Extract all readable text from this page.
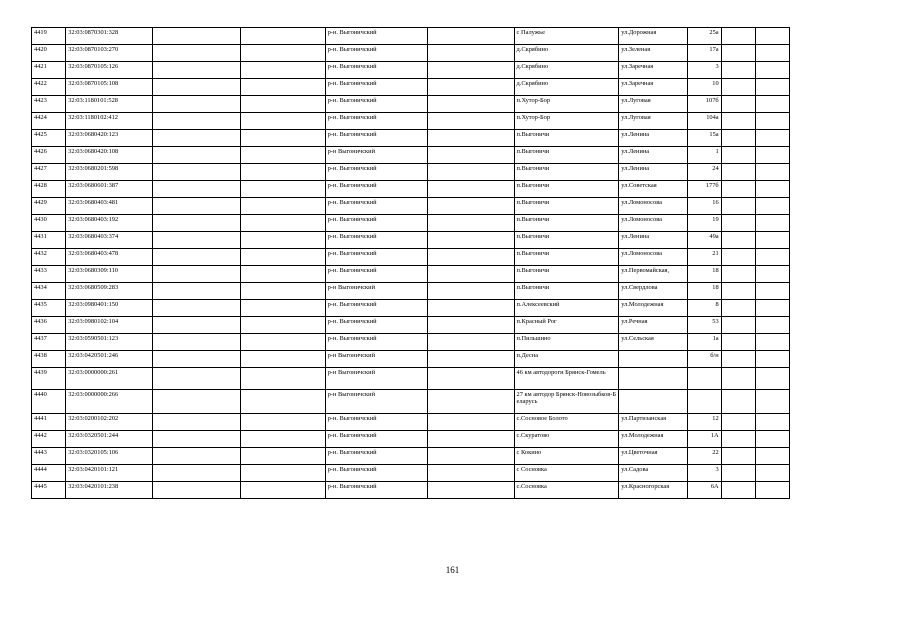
4419	32:03:0870301:328			р-н. Выгоничский		с Палужье	ул.Дорожная	25а		
4420	32:03:0870103:270			р-н. Выгоничский		д.Скрябино	ул.Зеленая	17а		
4421	32:03:0870105:126			р-н. Выгоничский		д.Скрябино	ул.Заречная	3		
4422	32:03:0870105:108			р-н. Выгоничский		д.Скрябино	ул.Заречная	10		
4423	32:03:1180101:528			р-н. Выгоничский		п.Хутор-Бор	ул.Луговая	107б		
4424	32:03:1180102:412			р-н. Выгоничский		п.Хутор-Бор	ул.Луговая	104а		
4425	32:03:0680420:123			р-н. Выгоничский		п.Выгоничи	ул.Ленина	15а		
4426	32:03:0680420:108			р-н Выгоничский		п.Выгоничи	ул.Ленина	1		
4427	32:03:0680201:598			р-н. Выгоничский		п.Выгоничи	ул.Ленина	24		
4428	32:03:0680601:387			р-н. Выгоничский		п.Выгоничи	ул.Советская	177б		
4429	32:03:0680403:481			р-н. Выгоничский		п.Выгоничи	ул.Ломоносова	16		
4430	32:03:0680403:192			р-н. Выгоничский		п.Выгоничи	ул.Ломоносова	19		
4431	32:03:0680403:374			р-н. Выгоничский		п.Выгоничи	ул.Ленина	49а		
4432	32:03:0680403:478			р-н. Выгоничский		п.Выгоничи	ул.Ломоносова	21		
4433	32:03:0680309:110			р-н. Выгоничский		п.Выгоничи	ул.Первомайская,	18		
4434	32:03:0680509:283			р-н Выгоничский		п.Выгоничи	ул.Свердлова	18		
4435	32:03:0980401:150			р-н. Выгоничский		п.Алексеевский	ул.Молодежная	8		
4436	32:03:0980102:104			р-н. Выгоничский		п.Красный Рог	ул.Речная	53		
4437	32:03:0590501:123			р-н. Выгоничский		п.Пильшино	ул.Сельская	1а		
4438	32:03:0420501:246			р-н Выгоничский		п.Десна		б/н		
4439	32:03:0000000:261			р-н Выгоничский		46 км автодороги Брянск-Гомель				
4440	32:03:0000000:266			р-н Выгоничский		27 км автодор Брянск-Новозыбков-Беларусь				
4441	32:03:0200102:202			р-н. Выгоничский		с.Сосновое Болото	ул.Партизанская	12		
4442	32:03:0320501:244			р-н. Выгоничский		с.Скуратово	ул.Молодежная	1А		
4443	32:03:0320105:106			р-н. Выгоничский		с Кокино	ул.Цветочная	22		
4444	32:03:0420101:121			р-н. Выгоничский		с Сосновка	ул.Садова	3		
4445	32:03:0420101:238			р-н. Выгоничский		с.Сосновка	ул.Красногорская	6А		
161
